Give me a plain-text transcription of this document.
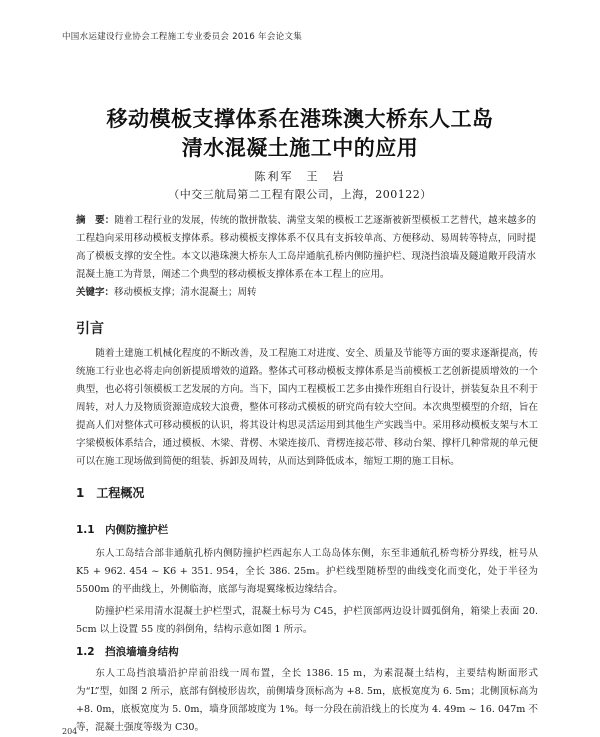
中国水运建设行业协会工程施工专业委员会 2016 年会论文集
移动模板支撑体系在港珠澳大桥东人工岛
清水混凝土施工中的应用
陈利军　王　岩
（中交三航局第二工程有限公司，上海，200122）
摘　要：随着工程行业的发展，传统的散拼散装、满堂支架的模板工艺逐渐被新型模板工艺替代，越来越多的工程趋向采用移动模板支撑体系。移动模板支撑体系不仅具有支拆较单高、方便移动、易周转等特点，同时提高了模板支撑的安全性。本文以港珠澳大桥东人工岛岸通航孔桥内侧防撞护栏、现浇挡浪墙及隧道敞开段清水混凝土施工为背景，阐述二个典型的移动模板支撑体系在本工程上的应用。
关键字：移动模板支撑；清水混凝土；周转
引言
随着土建施工机械化程度的不断改善，及工程施工对进度、安全、质量及节能等方面的要求逐渐提高，传统施工行业也必将走向创新提质增效的道路。整体式可移动模板支撑体系是当前模板工艺创新提质增效的一个典型，也必将引领模板工艺发展的方向。当下，国内工程模板工艺多由操作班组自行设计，拼装复杂且不利于周转，对人力及物质资源造成较大浪费，整体可移动式模板的研究尚有较大空间。本次典型模型的介绍，旨在提高人们对整体式可移动模板的认识，将其设计构思灵活运用到其他生产实践当中。采用移动模板支架与木工字梁模板体系结合，通过模板、木梁、背楞、木梁连接爪、背楞连接芯带、移动台架、撑杆几种常规的单元便可以在施工现场做到简便的组装、拆卸及周转，从而达到降低成本，缩短工期的施工目标。
1　工程概况
1.1　内侧防撞护栏
东人工岛结合部非通航孔桥内侧防撞护栏西起东人工岛岛体东侧，东至非通航孔桥弯桥分界线，桩号从 K5 + 962. 454 ~ K6 + 351. 954，全长 386. 25m。护栏线型随桥型的曲线变化而变化，处于半径为 5500m 的平曲线上，外侧临海，底部与海堤翼缘板边缘结合。
防撞护栏采用清水混凝土护栏型式，混凝土标号为 C45，护栏顶部两边设计圆弧倒角，箱梁上表面 20. 5cm 以上设置 55 度的斜倒角，结构示意如图 1 所示。
1.2　挡浪墙墙身结构
东人工岛挡浪墙沿护岸前沿线一周布置，全长 1386. 15 m，为素混凝土结构，主要结构断面形式为“L”型，如图 2 所示，底部有倒棱形齿坎，前侧墙身顶标高为 +8. 5m，底板宽度为 6. 5m；北侧顶标高为 +8. 0m，底板宽度为 5. 0m，墙身顶部坡度为 1%。每一分段在前沿线上的长度为 4. 49m ~ 16. 047m 不等，混凝土强度等级为 C30。
204
